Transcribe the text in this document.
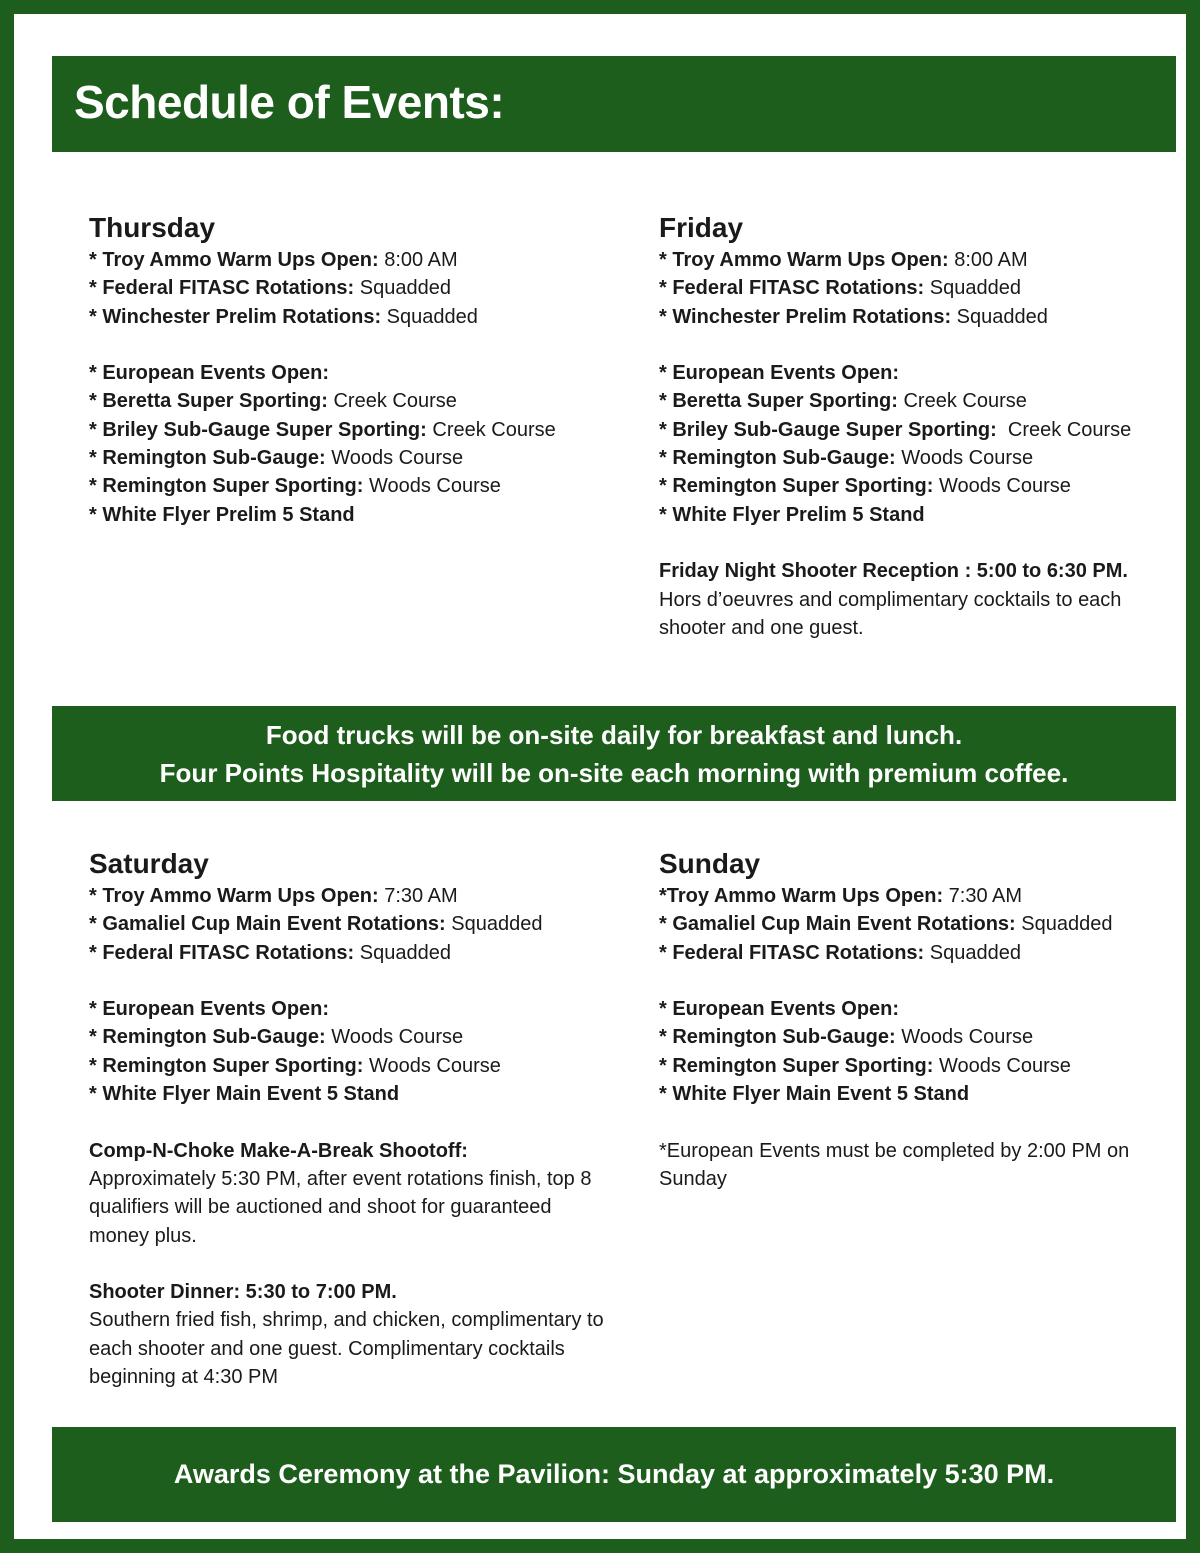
Schedule of Events:
Thursday
* Troy Ammo Warm Ups Open: 8:00 AM
* Federal FITASC Rotations: Squadded
* Winchester Prelim Rotations: Squadded
* European Events Open:
* Beretta Super Sporting: Creek Course
* Briley Sub-Gauge Super Sporting: Creek Course
* Remington Sub-Gauge: Woods Course
* Remington Super Sporting: Woods Course
* White Flyer Prelim 5 Stand
Friday
* Troy Ammo Warm Ups Open: 8:00 AM
* Federal FITASC Rotations: Squadded
* Winchester Prelim Rotations: Squadded
* European Events Open:
* Beretta Super Sporting: Creek Course
* Briley Sub-Gauge Super Sporting:  Creek Course
* Remington Sub-Gauge: Woods Course
* Remington Super Sporting: Woods Course
* White Flyer Prelim 5 Stand
Friday Night Shooter Reception : 5:00 to 6:30 PM.
Hors d’oeuvres and complimentary cocktails to each shooter and one guest.

Food trucks will be on-site daily for breakfast and lunch.

Four Points Hospitality will be on-site each morning with premium coffee.

Saturday
* Troy Ammo Warm Ups Open: 7:30 AM
* Gamaliel Cup Main Event Rotations: Squadded
* Federal FITASC Rotations: Squadded
* European Events Open:
* Remington Sub-Gauge: Woods Course
* Remington Super Sporting: Woods Course
* White Flyer Main Event 5 Stand
Comp-N-Choke Make-A-Break Shootoff:
Approximately 5:30 PM, after event rotations finish, top 8 qualifiers will be auctioned and shoot for guaranteed money plus.
Shooter Dinner: 5:30 to 7:00 PM.
Southern fried fish, shrimp, and chicken, complimentary to each shooter and one guest. Complimentary cocktails beginning at 4:30 PM
Sunday
*Troy Ammo Warm Ups Open: 7:30 AM
* Gamaliel Cup Main Event Rotations: Squadded
* Federal FITASC Rotations: Squadded
* European Events Open:
* Remington Sub-Gauge: Woods Course
* Remington Super Sporting: Woods Course
* White Flyer Main Event 5 Stand
*European Events must be completed by 2:00 PM on Sunday

Awards Ceremony at the Pavilion: Sunday at approximately 5:30 PM.
